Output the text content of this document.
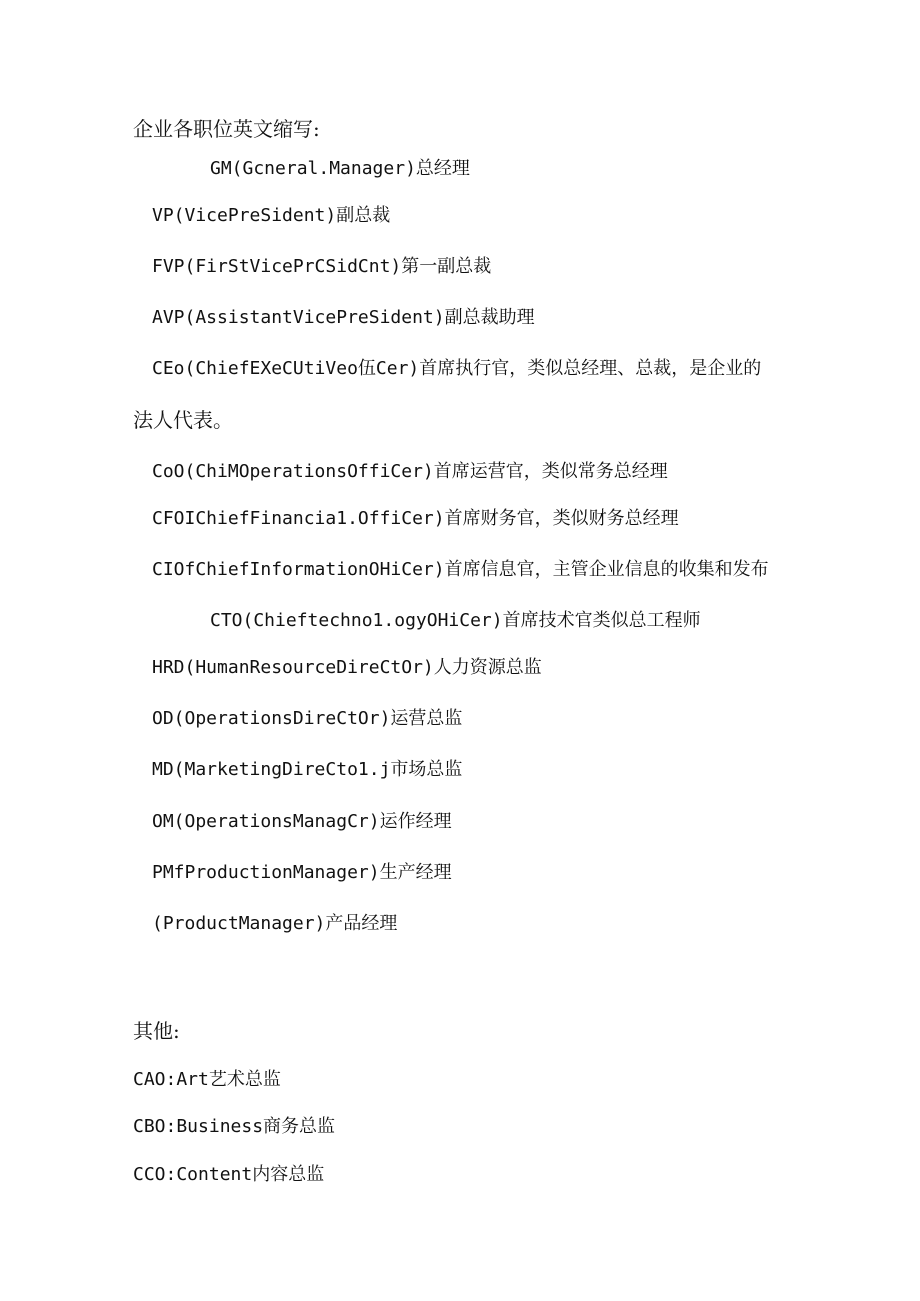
企业各职位英文缩写:
GM(Gcneral.Manager)总经理
VP(VicePreSident)副总裁
FVP(FirStVicePrCSidCnt)第一副总裁
AVP(AssistantVicePreSident)副总裁助理
CEo(ChiefEXeCUtiVeo伍Cer)首席执行官，类似总经理、总裁，是企业的
法人代表。
CoO(ChiMOperationsOffiCer)首席运营官，类似常务总经理
CFOIChiefFinancia1.OffiCer)首席财务官，类似财务总经理
CIOfChiefInformationOHiCer)首席信息官，主管企业信息的收集和发布
CTO(Chieftechno1.ogyOHiCer)首席技术官类似总工程师
HRD(HumanResourceDireCtOr)人力资源总监
OD(OperationsDireCtOr)运营总监
MD(MarketingDireCto1.j市场总监
OM(OperationsManagCr)运作经理
PMfProductionManager)生产经理
(ProductManager)产品经理
其他:
CAO:Art艺术总监
CBO:Business商务总监
CCO:Content内容总监
